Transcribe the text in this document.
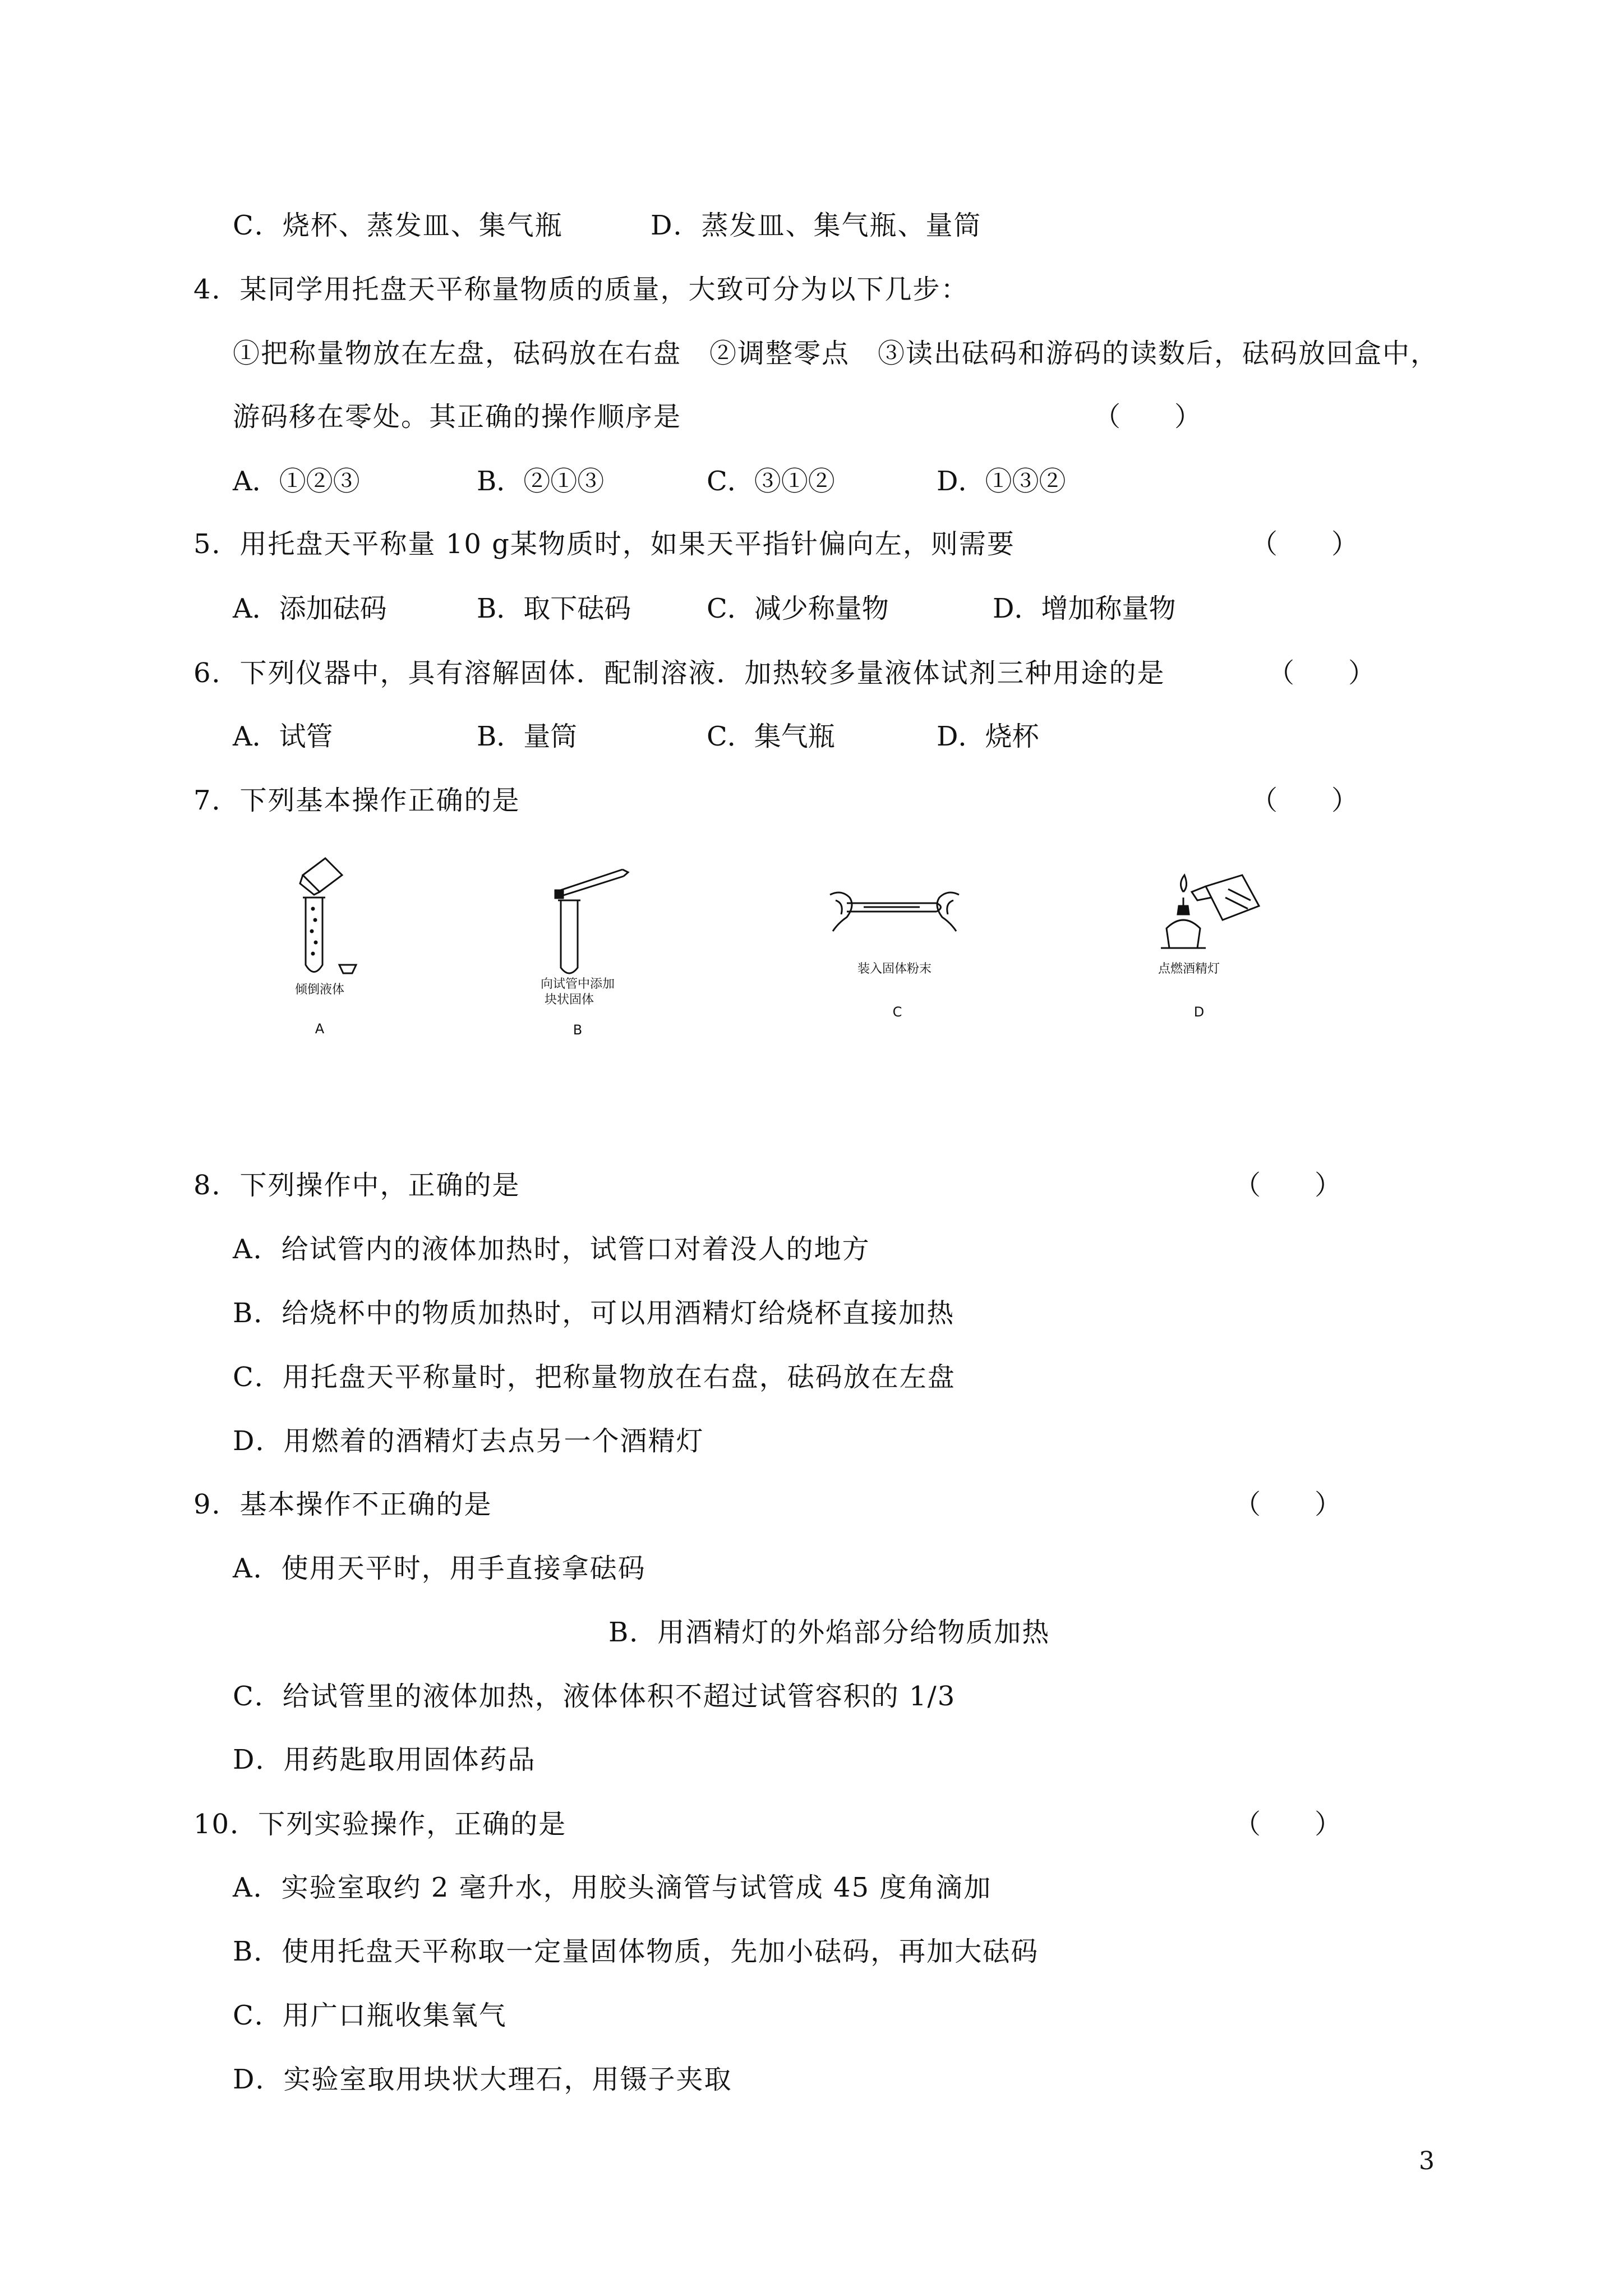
C．烧杯、蒸发皿、集气瓶	D．蒸发皿、集气瓶、量筒
4．某同学用托盘天平称量物质的质量，大致可分为以下几步：
①把称量物放在左盘，砝码放在右盘　②调整零点　③读出砝码和游码的读数后，砝码放回盒中，
游码移在零处。其正确的操作顺序是	（　　）
A．①②③	B．②①③	C．③①②	D．①③②
5．用托盘天平称量 10 g某物质时，如果天平指针偏向左，则需要	（　　）
A．添加砝码	B．取下砝码	C．减少称量物	D．增加称量物
6．下列仪器中，具有溶解固体．配制溶液．加热较多量液体试剂三种用途的是	（　　）
A．试管	B．量筒	C．集气瓶	D．烧杯
7．下列基本操作正确的是	（　　）
倾倒液体
A
向试管中添加
块状固体
B
装入固体粉末
C
点燃酒精灯
D
8．下列操作中，正确的是	（　　）
A．给试管内的液体加热时，试管口对着没人的地方
B．给烧杯中的物质加热时，可以用酒精灯给烧杯直接加热
C．用托盘天平称量时，把称量物放在右盘，砝码放在左盘
D．用燃着的酒精灯去点另一个酒精灯
9．基本操作不正确的是	（　　）
A．使用天平时，用手直接拿砝码
B．用酒精灯的外焰部分给物质加热
C．给试管里的液体加热，液体体积不超过试管容积的 1/3
D．用药匙取用固体药品
10．下列实验操作，正确的是	（　　）
A．实验室取约 2 毫升水，用胶头滴管与试管成 45 度角滴加
B．使用托盘天平称取一定量固体物质，先加小砝码，再加大砝码
C．用广口瓶收集氧气
D．实验室取用块状大理石，用镊子夹取
3
